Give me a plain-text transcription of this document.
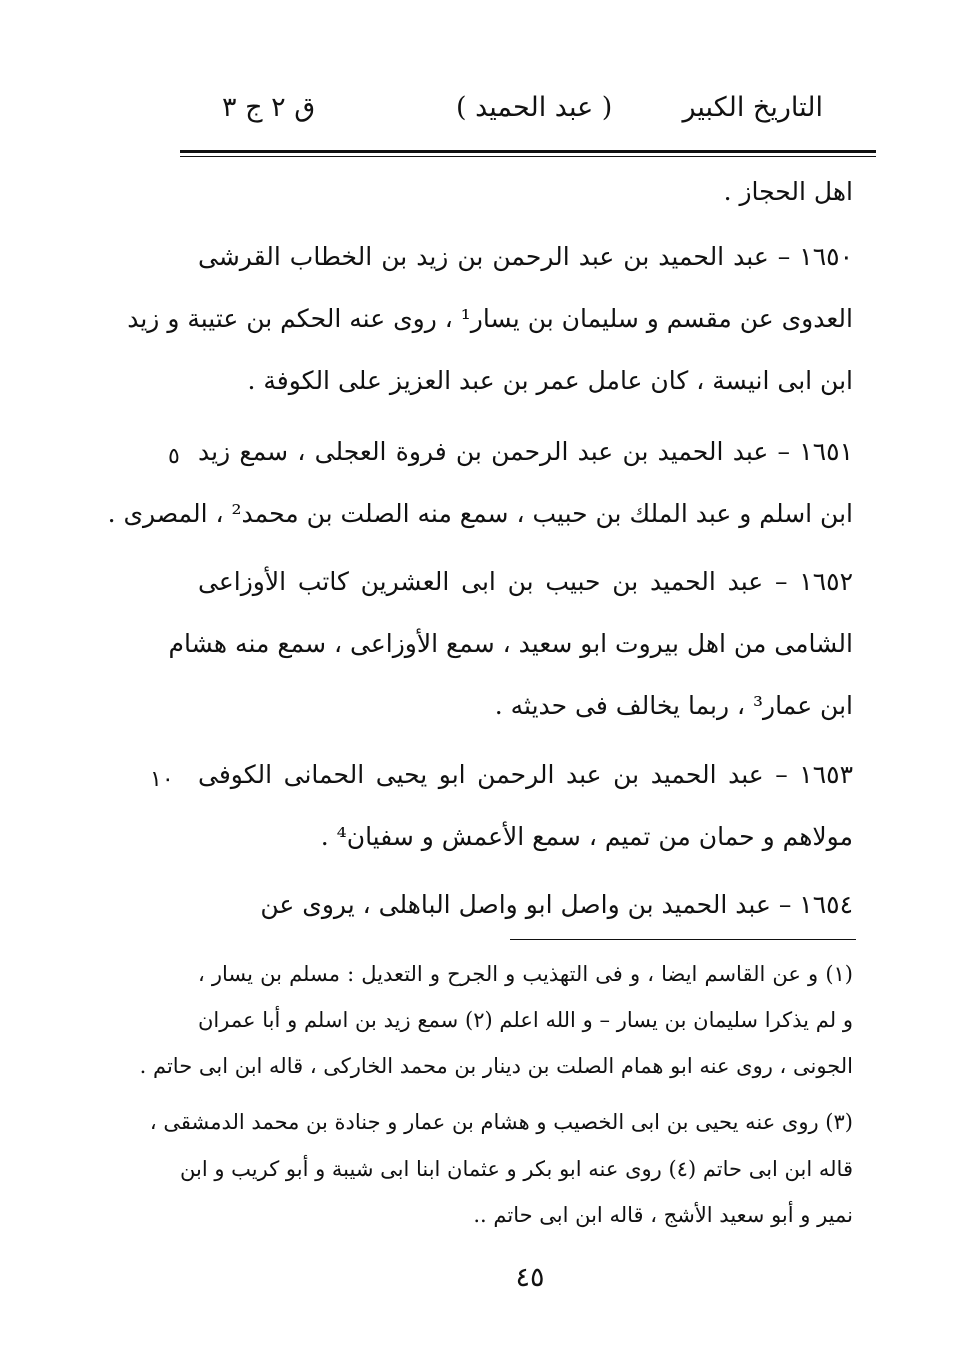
التاريخ الكبير
( عبد الحميد )
ق ٢ ج ٣
اهل الحجاز .
١٦٥٠ – عبد الحميد بن عبد الرحمن بن زيد بن الخطاب القرشى
العدوى عن مقسم و سليمان بن يسار¹ ، روى عنه الحكم بن عتيبة و زيد
ابن ابى انيسة ، كان عامل عمر بن عبد العزيز على الكوفة .
١٦٥١ – عبد الحميد بن عبد الرحمن بن فروة العجلى ، سمع زيد
ابن اسلم و عبد الملك بن حبيب ، سمع منه الصلت بن محمد² ، المصرى .
١٦٥٢ – عبد الحميد بن حبيب بن ابى العشرين كاتب الأوزاعى
الشامى من اهل بيروت ابو سعيد ، سمع الأوزاعى ، سمع منه هشام
ابن عمار³ ، ربما يخالف فى حديثه .
١٦٥٣ – عبد الحميد بن عبد الرحمن ابو يحيى الحمانى الكوفى
مولاهم و حمان من تميم ، سمع الأعمش و سفيان⁴ .
١٦٥٤ – عبد الحميد بن واصل ابو واصل الباهلى ، يروى عن
٥
١٠
(١) و عن القاسم ايضا ، و فى التهذيب و الجرح و التعديل : مسلم بن يسار ،
و لم يذكرا سليمان بن يسار – و الله اعلم (٢) سمع زيد بن اسلم و أبا عمران
الجونى ، روى عنه ابو همام الصلت بن دينار بن محمد الخارکی ، قاله ابن ابى حاتم .
(٣) روى عنه يحيى بن ابى الخصيب و هشام بن عمار و جنادة بن محمد الدمشقى ،
قاله ابن ابى حاتم (٤) روى عنه ابو بكر و عثمان ابنا ابى شيبة و أبو كريب و ابن
نمير و أبو سعيد الأشج ، قاله ابن ابى حاتم ..
٤٥
